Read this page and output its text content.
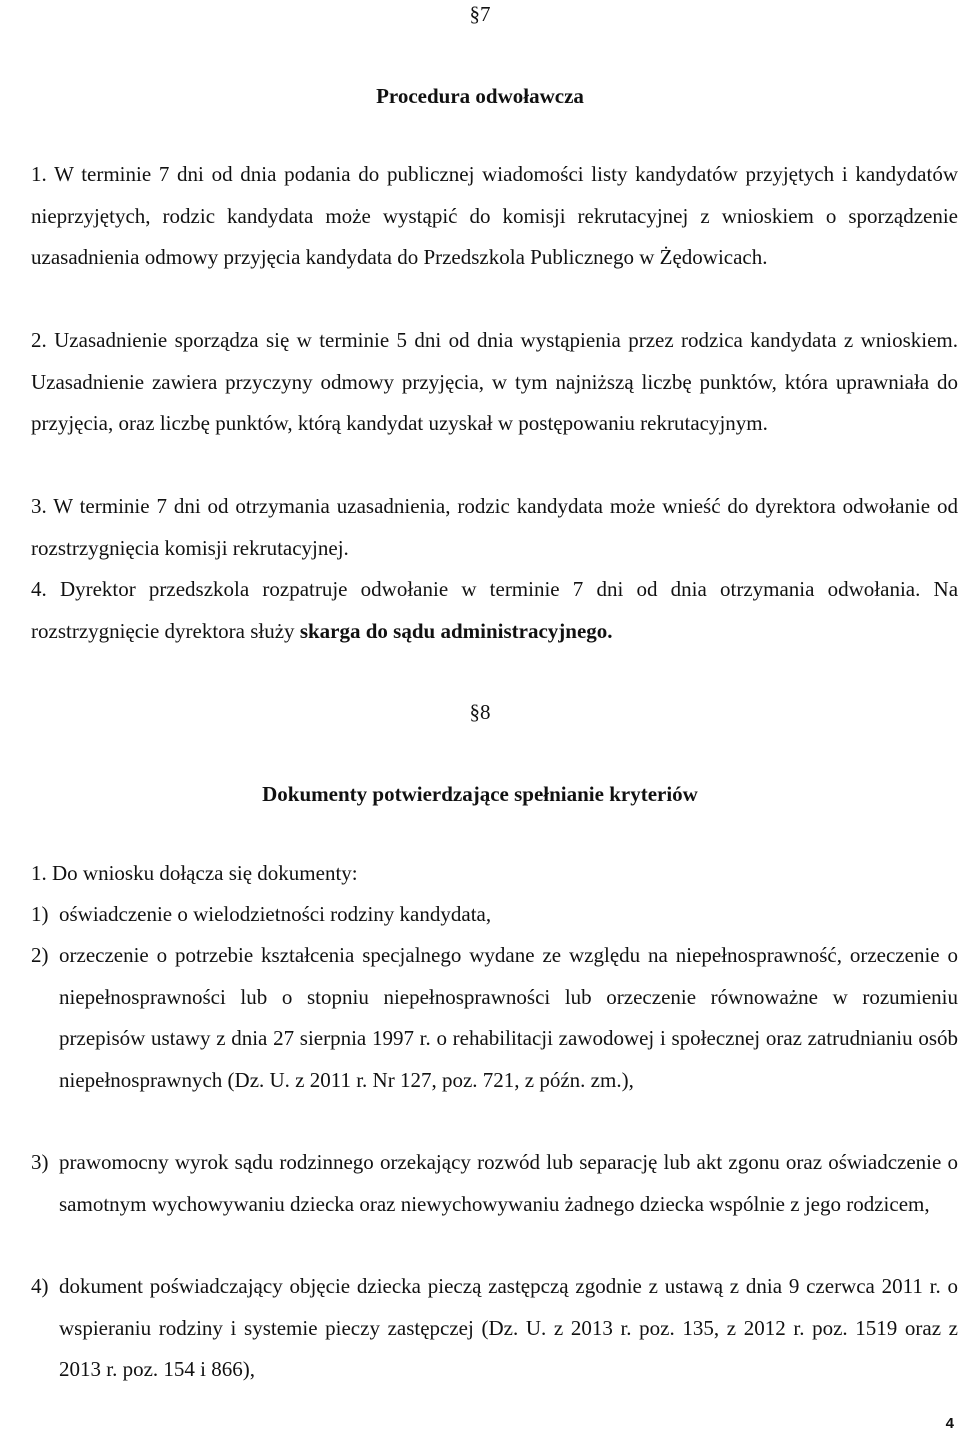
§7
Procedura odwoławcza
1. W terminie 7 dni od dnia podania do publicznej wiadomości listy kandydatów przyjętych i kandydatów nieprzyjętych, rodzic kandydata może wystąpić do komisji rekrutacyjnej z wnioskiem o sporządzenie uzasadnienia odmowy przyjęcia kandydata do Przedszkola Publicznego w Żędowicach.
2. Uzasadnienie sporządza się w terminie 5 dni od dnia wystąpienia przez rodzica kandydata z wnioskiem. Uzasadnienie zawiera przyczyny odmowy przyjęcia, w tym najniższą liczbę punktów, która uprawniała do przyjęcia, oraz liczbę punktów, którą kandydat uzyskał w postępowaniu rekrutacyjnym.
3. W terminie 7 dni od otrzymania uzasadnienia, rodzic kandydata może wnieść do dyrektora odwołanie od rozstrzygnięcia komisji rekrutacyjnej.
4. Dyrektor przedszkola rozpatruje odwołanie w terminie 7 dni od dnia otrzymania odwołania. Na rozstrzygnięcie dyrektora służy skarga do sądu administracyjnego.
§8
Dokumenty potwierdzające spełnianie kryteriów
1. Do wniosku dołącza się dokumenty:
1) oświadczenie o wielodzietności rodziny kandydata,
2) orzeczenie o potrzebie kształcenia specjalnego wydane ze względu na niepełnosprawność, orzeczenie o niepełnosprawności lub o stopniu niepełnosprawności lub orzeczenie równoważne w rozumieniu przepisów ustawy z dnia 27 sierpnia 1997 r. o rehabilitacji zawodowej i społecznej oraz zatrudnianiu osób niepełnosprawnych (Dz. U. z 2011 r. Nr 127, poz. 721, z późn. zm.),
3) prawomocny wyrok sądu rodzinnego orzekający rozwód lub separację lub akt zgonu oraz oświadczenie o samotnym wychowywaniu dziecka oraz niewychowywaniu żadnego dziecka wspólnie z jego rodzicem,
4) dokument poświadczający objęcie dziecka pieczą zastępczą zgodnie z ustawą z dnia 9 czerwca 2011 r. o wspieraniu rodziny i systemie pieczy zastępczej (Dz. U. z 2013 r. poz. 135, z 2012 r. poz. 1519 oraz z 2013 r. poz. 154 i 866),
4
